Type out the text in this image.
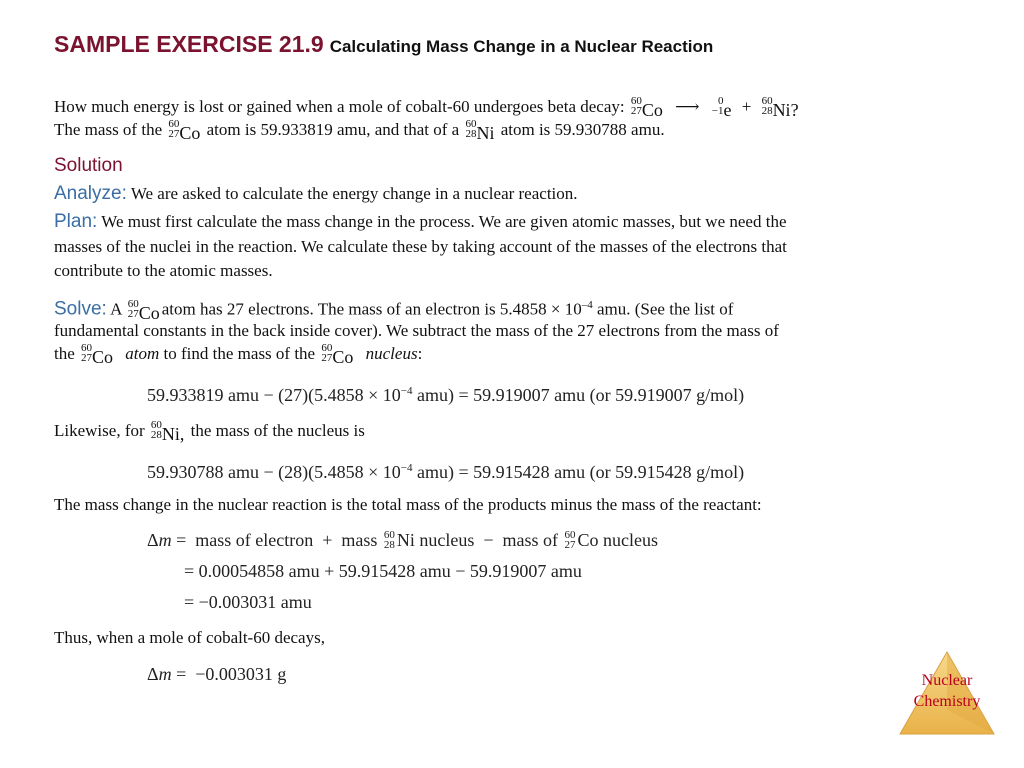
SAMPLE EXERCISE 21.9 Calculating Mass Change in a Nuclear Reaction
How much energy is lost or gained when a mole of cobalt-60 undergoes beta decay: 60
27Co ⟶ 0
−1e + 60
28Ni?
The mass of the 60
27Co atom is 59.933819 amu, and that of a 60
28Ni atom is 59.930788 amu.
Solution
Analyze: We are asked to calculate the energy change in a nuclear reaction.
Plan: We must first calculate the mass change in the process. We are given atomic masses, but we need the
masses of the nuclei in the reaction. We calculate these by taking account of the masses of the electrons that
contribute to the atomic masses.
Solve: A 60
27Co atom has 27 electrons. The mass of an electron is $5.4858 \times 10^{-4}$ amu. (See the list of
fundamental constants in the back inside cover). We subtract the mass of the 27 electrons from the mass of
the 60
27Co atom to find the mass of the 60
27Co nucleus:
59.933819 amu − $(27)(5.4858 \times 10^{-4}$ amu) = 59.919007 amu (or 59.919007 g/mol)
Likewise, for 60
28Ni, the mass of the nucleus is
59.930788 amu − $(28)(5.4858 \times 10^{-4}$ amu) = 59.915428 amu (or 59.915428 g/mol)
The mass change in the nuclear reaction is the total mass of the products minus the mass of the reactant:
Δm =  mass of electron  +  mass 60
28 Ni nucleus  −  mass of 60
27 Co nucleus
= 0.00054858 amu + 59.915428 amu − 59.919007 amu
= −0.003031 amu
Thus, when a mole of cobalt-60 decays,
Δm =  −0.003031 g	Nuclear
Chemistry
